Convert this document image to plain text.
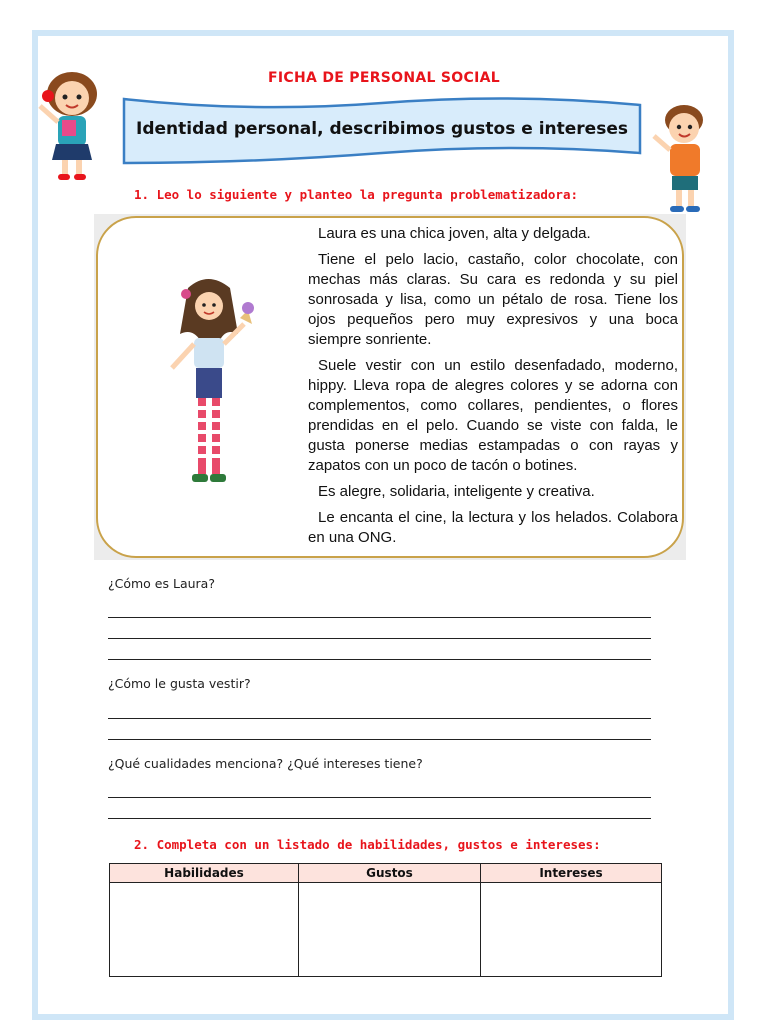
FICHA DE PERSONAL SOCIAL
Identidad personal, describimos gustos e intereses
1. Leo lo siguiente y planteo la pregunta problematizadora:

Laura es una chica joven, alta y delgada.

Tiene el pelo lacio, castaño, color chocolate, con mechas más claras. Su cara es redonda y su piel sonrosada y lisa, como un pétalo de rosa. Tiene los ojos pequeños pero muy expresivos y una boca siempre sonriente.

Suele vestir con un estilo desenfadado, moderno, hippy. Lleva ropa de alegres colores y se adorna con complementos, como collares, pendientes, o flores prendidas en el pelo. Cuando se viste con falda, le gusta ponerse medias estampadas o con rayas y zapatos con un poco de tacón o botines.

Es alegre, solidaria, inteligente y creativa.

Le encanta el cine, la lectura y los helados. Colabora en una ONG.

¿Cómo es Laura?
¿Cómo le gusta vestir?
¿Qué cualidades menciona? ¿Qué intereses tiene?
2. Completa con un listado de habilidades, gustos e intereses:
Habilidades	Gustos	Intereses
